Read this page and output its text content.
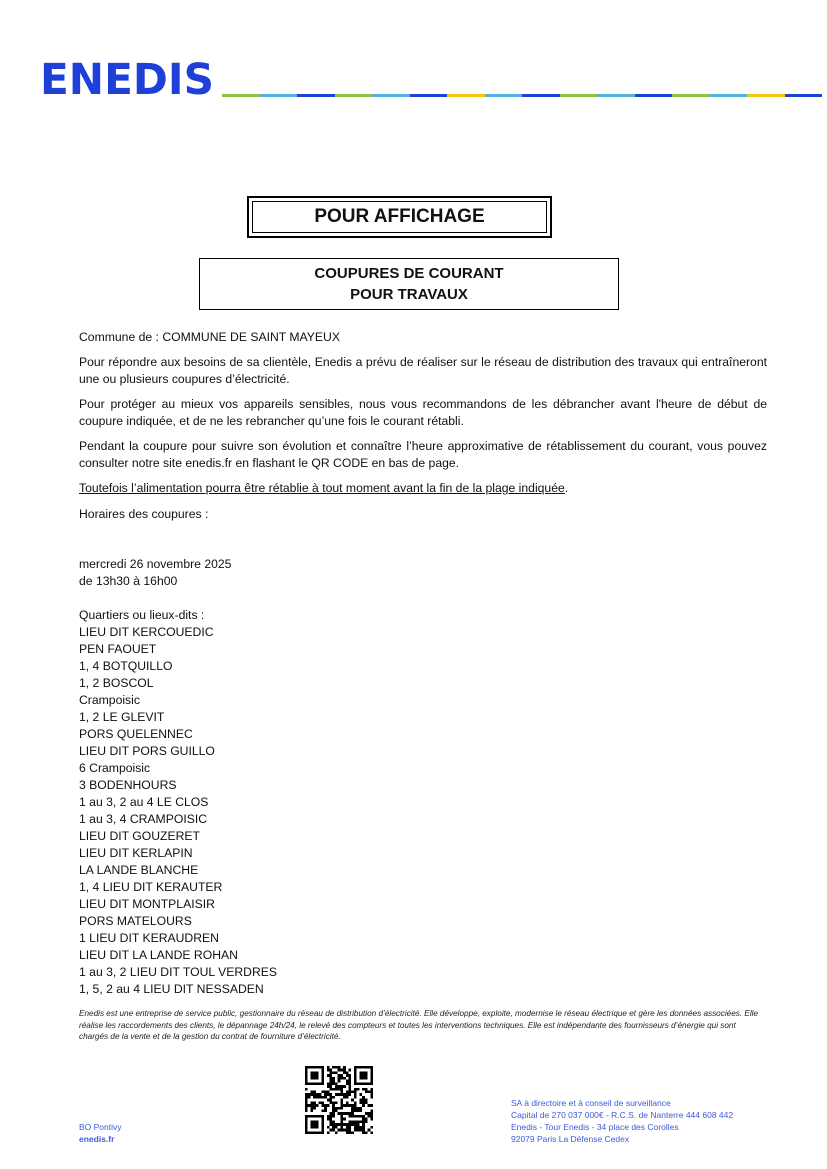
ENEDIS
POUR AFFICHAGE
COUPURES DE COURANT
POUR TRAVAUX
Commune de : COMMUNE DE SAINT MAYEUX
Pour répondre aux besoins de sa clientèle, Enedis a prévu de réaliser sur le réseau de distribution des travaux qui entraîneront une ou plusieurs coupures d’électricité.
Pour protéger au mieux vos appareils sensibles, nous vous recommandons de les débrancher avant l'heure de début de coupure indiquée, et de ne les rebrancher qu’une fois le courant rétabli.
Pendant la coupure pour suivre son évolution et connaître l’heure approximative de rétablissement du courant, vous pouvez consulter notre site enedis.fr en flashant le QR CODE en bas de page.
Toutefois l’alimentation pourra être rétablie à tout moment avant la fin de la plage indiquée.
Horaires des coupures :
mercredi 26 novembre 2025
de 13h30 à 16h00
Quartiers ou lieux-dits :
LIEU DIT KERCOUEDIC
PEN FAOUET
1, 4 BOTQUILLO
1, 2 BOSCOL
Crampoisic
1, 2 LE GLEVIT
PORS QUELENNEC
LIEU DIT PORS GUILLO
6 Crampoisic
3 BODENHOURS
1 au 3, 2 au 4 LE CLOS
1 au 3, 4 CRAMPOISIC
LIEU DIT GOUZERET
LIEU DIT KERLAPIN
LA LANDE BLANCHE
1, 4 LIEU DIT KERAUTER
LIEU DIT MONTPLAISIR
PORS MATELOURS
1 LIEU DIT KERAUDREN
LIEU DIT LA LANDE ROHAN
1 au 3, 2 LIEU DIT TOUL VERDRES
1, 5, 2 au 4 LIEU DIT NESSADEN
Enedis est une entreprise de service public, gestionnaire du réseau de distribution d’électricité. Elle développe, exploite, modernise le réseau électrique et gère les données associées. Elle réalise les raccordements des clients, le dépannage 24h/24, le relevé des compteurs et toutes les interventions techniques. Elle est indépendante des fournisseurs d’énergie qui sont chargés de la vente et de la gestion du contrat de fourniture d’électricité.
BO Pontivy
enedis.fr
SA à directoire et à conseil de surveillance
Capital de 270 037 000€ - R.C.S. de Nanterre 444 608 442
Enedis - Tour Enedis - 34 place des Corolles
92079 Paris La Défense Cedex
